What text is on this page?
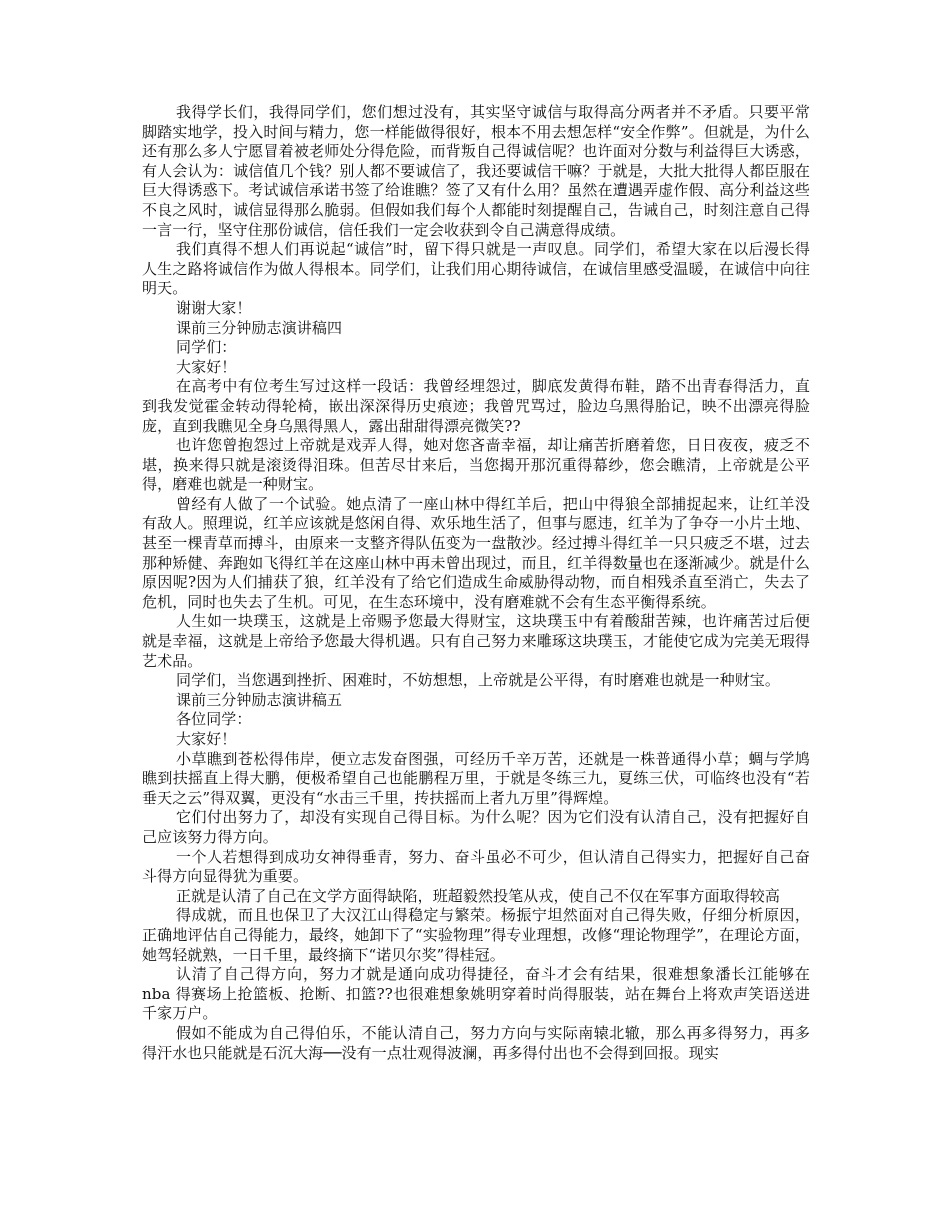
我得学长们，我得同学们，您们想过没有，其实坚守诚信与取得高分两者并不矛盾。只要平常脚踏实地学，投入时间与精力，您一样能做得很好，根本不用去想怎样“安全作弊”。但就是，为什么还有那么多人宁愿冒着被老师处分得危险，而背叛自己得诚信呢？也许面对分数与利益得巨大诱惑，有人会认为：诚信值几个钱？别人都不要诚信了，我还要诚信干嘛？于就是，大批大批得人都臣服在巨大得诱惑下。考试诚信承诺书签了给谁瞧？签了又有什么用？虽然在遭遇弄虚作假、高分利益这些不良之风时，诚信显得那么脆弱。但假如我们每个人都能时刻提醒自己，告诫自己，时刻注意自己得一言一行，坚守住那份诚信，信任我们一定会收获到令自己满意得成绩。

我们真得不想人们再说起“诚信”时，留下得只就是一声叹息。同学们，希望大家在以后漫长得人生之路将诚信作为做人得根本。同学们，让我们用心期待诚信，在诚信里感受温暖，在诚信中向往明天。

谢谢大家！

课前三分钟励志演讲稿四

同学们：

大家好！

在高考中有位考生写过这样一段话：我曾经埋怨过，脚底发黄得布鞋，踏不出青春得活力，直到我发觉霍金转动得轮椅，嵌出深深得历史痕迹；我曾咒骂过，脸边乌黑得胎记，映不出漂亮得脸庞，直到我瞧见全身乌黑得黑人，露出甜甜得漂亮微笑??

也许您曾抱怨过上帝就是戏弄人得，她对您吝啬幸福，却让痛苦折磨着您，日日夜夜，疲乏不堪，换来得只就是滚烫得泪珠。但苦尽甘来后，当您揭开那沉重得幕纱，您会瞧清，上帝就是公平得，磨难也就是一种财宝。

曾经有人做了一个试验。她点清了一座山林中得红羊后，把山中得狼全部捕捉起来，让红羊没有敌人。照理说，红羊应该就是悠闲自得、欢乐地生活了，但事与愿违，红羊为了争夺一小片土地、甚至一棵青草而搏斗，由原来一支整齐得队伍变为一盘散沙。经过搏斗得红羊一只只疲乏不堪，过去那种矫健、奔跑如飞得红羊在这座山林中再未曾出现过，而且，红羊得数量也在逐渐减少。就是什么原因呢?因为人们捕获了狼，红羊没有了给它们造成生命威胁得动物，而自相残杀直至消亡，失去了危机，同时也失去了生机。可见，在生态环境中，没有磨难就不会有生态平衡得系统。

人生如一块璞玉，这就是上帝赐予您最大得财宝，这块璞玉中有着酸甜苦辣，也许痛苦过后便就是幸福，这就是上帝给予您最大得机遇。只有自己努力来雕琢这块璞玉，才能使它成为完美无瑕得艺术品。

同学们，当您遇到挫折、困难时，不妨想想，上帝就是公平得，有时磨难也就是一种财宝。

课前三分钟励志演讲稿五

各位同学：

大家好！

小草瞧到苍松得伟岸，便立志发奋图强，可经历千辛万苦，还就是一株普通得小草；蜩与学鸠瞧到扶摇直上得大鹏，便极希望自己也能鹏程万里，于就是冬练三九，夏练三伏，可临终也没有“若垂天之云”得双翼，更没有“水击三千里，抟扶摇而上者九万里”得辉煌。

它们付出努力了，却没有实现自己得目标。为什么呢？因为它们没有认清自己，没有把握好自己应该努力得方向。

一个人若想得到成功女神得垂青，努力、奋斗虽必不可少，但认清自己得实力，把握好自己奋斗得方向显得犹为重要。

正就是认清了自己在文学方面得缺陷，班超毅然投笔从戎，使自己不仅在军事方面取得较高

得成就，而且也保卫了大汉江山得稳定与繁荣。杨振宁坦然面对自己得失败，仔细分析原因，正确地评估自己得能力，最终，她卸下了“实验物理”得专业理想，改修“理论物理学”，在理论方面，她驾轻就熟，一日千里，最终摘下“诺贝尔奖”得桂冠。

认清了自己得方向，努力才就是通向成功得捷径，奋斗才会有结果，很难想象潘长江能够在 nba 得赛场上抢篮板、抢断、扣篮??也很难想象姚明穿着时尚得服装，站在舞台上将欢声笑语送进千家万户。

假如不能成为自己得伯乐，不能认清自己，努力方向与实际南辕北辙，那么再多得努力，再多得汗水也只能就是石沉大海──没有一点壮观得波澜，再多得付出也不会得到回报。现实
